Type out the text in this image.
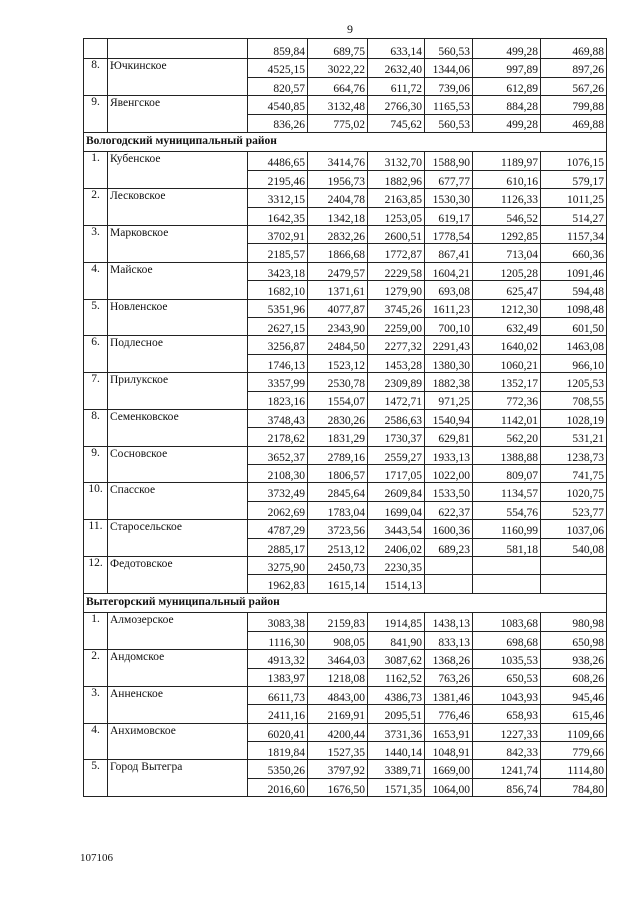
9
		859,84	689,75	633,14	560,53	499,28	469,88
8.	Ючкинское	4525,15	3022,22	2632,40	1344,06	997,89	897,26
		820,57	664,76	611,72	739,06	612,89	567,26
9.	Явенгское	4540,85	3132,48	2766,30	1165,53	884,28	799,88
		836,26	775,02	745,62	560,53	499,28	469,88
Вологодский муниципальный район							
1.	Кубенское	4486,65	3414,76	3132,70	1588,90	1189,97	1076,15
		2195,46	1956,73	1882,96	677,77	610,16	579,17
2.	Лесковское	3312,15	2404,78	2163,85	1530,30	1126,33	1011,25
		1642,35	1342,18	1253,05	619,17	546,52	514,27
3.	Марковское	3702,91	2832,26	2600,51	1778,54	1292,85	1157,34
		2185,57	1866,68	1772,87	867,41	713,04	660,36
4.	Майское	3423,18	2479,57	2229,58	1604,21	1205,28	1091,46
		1682,10	1371,61	1279,90	693,08	625,47	594,48
5.	Новленское	5351,96	4077,87	3745,26	1611,23	1212,30	1098,48
		2627,15	2343,90	2259,00	700,10	632,49	601,50
6.	Подлесное	3256,87	2484,50	2277,32	2291,43	1640,02	1463,08
		1746,13	1523,12	1453,28	1380,30	1060,21	966,10
7.	Прилукское	3357,99	2530,78	2309,89	1882,38	1352,17	1205,53
		1823,16	1554,07	1472,71	971,25	772,36	708,55
8.	Семенковское	3748,43	2830,26	2586,63	1540,94	1142,01	1028,19
		2178,62	1831,29	1730,37	629,81	562,20	531,21
9.	Сосновское	3652,37	2789,16	2559,27	1933,13	1388,88	1238,73
		2108,30	1806,57	1717,05	1022,00	809,07	741,75
10.	Спасское	3732,49	2845,64	2609,84	1533,50	1134,57	1020,75
		2062,69	1783,04	1699,04	622,37	554,76	523,77
11.	Старосельское	4787,29	3723,56	3443,54	1600,36	1160,99	1037,06
		2885,17	2513,12	2406,02	689,23	581,18	540,08
12.	Федотовское	3275,90	2450,73	2230,35			
		1962,83	1615,14	1514,13			
Вытегорский муниципальный район							
1.	Алмозерское	3083,38	2159,83	1914,85	1438,13	1083,68	980,98
		1116,30	908,05	841,90	833,13	698,68	650,98
2.	Андомское	4913,32	3464,03	3087,62	1368,26	1035,53	938,26
		1383,97	1218,08	1162,52	763,26	650,53	608,26
3.	Анненское	6611,73	4843,00	4386,73	1381,46	1043,93	945,46
		2411,16	2169,91	2095,51	776,46	658,93	615,46
4.	Анхимовское	6020,41	4200,44	3731,36	1653,91	1227,33	1109,66
		1819,84	1527,35	1440,14	1048,91	842,33	779,66
5.	Город Вытегра	5350,26	3797,92	3389,71	1669,00	1241,74	1114,80
		2016,60	1676,50	1571,35	1064,00	856,74	784,80
107106
